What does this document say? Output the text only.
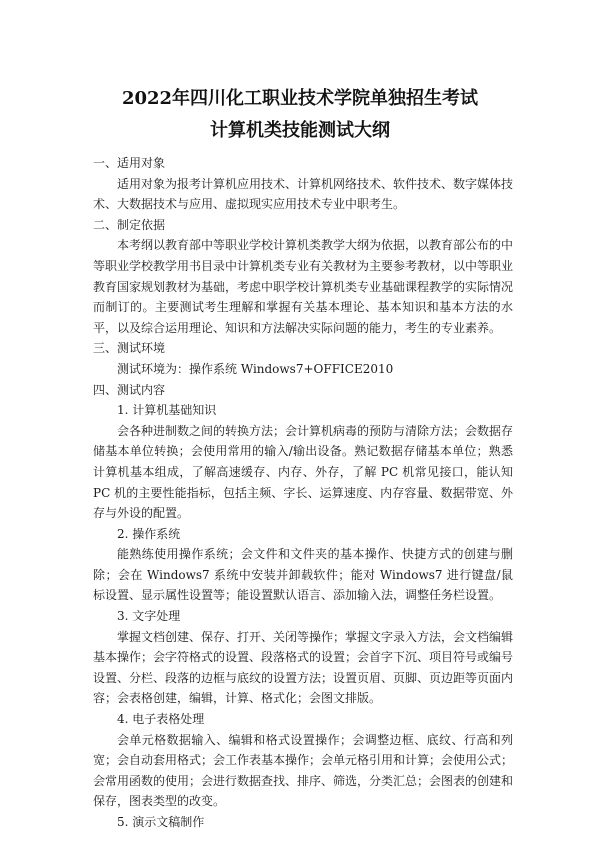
2022年四川化工职业技术学院单独招生考试
计算机类技能测试大纲

一、适用对象

适用对象为报考计算机应用技术、计算机网络技术、软件技术、数字媒体技术、大数据技术与应用、虚拟现实应用技术专业中职考生。

二、制定依据

本考纲以教育部中等职业学校计算机类教学大纲为依据，以教育部公布的中等职业学校教学用书目录中计算机类专业有关教材为主要参考教材，以中等职业教育国家规划教材为基础，考虑中职学校计算机类专业基础课程教学的实际情况而制订的。主要测试考生理解和掌握有关基本理论、基本知识和基本方法的水平，以及综合运用理论、知识和方法解决实际问题的能力，考生的专业素养。

三、测试环境

测试环境为：操作系统 Windows7+OFFICE2010

四、测试内容

1. 计算机基础知识

会各种进制数之间的转换方法；会计算机病毒的预防与清除方法；会数据存储基本单位转换；会使用常用的输入/输出设备。熟记数据存储基本单位；熟悉计算机基本组成，了解高速缓存、内存、外存，了解 PC 机常见接口，能认知 PC 机的主要性能指标，包括主频、字长、运算速度、内存容量、数据带宽、外存与外设的配置。

2. 操作系统

能熟练使用操作系统；会文件和文件夹的基本操作、快捷方式的创建与删除；会在 Windows7 系统中安装并卸载软件；能对 Windows7 进行键盘/鼠标设置、显示属性设置等；能设置默认语言、添加输入法，调整任务栏设置。

3. 文字处理

掌握文档创建、保存、打开、关闭等操作；掌握文字录入方法，会文档编辑基本操作；会字符格式的设置、段落格式的设置；会首字下沉、项目符号或编号设置、分栏、段落的边框与底纹的设置方法；设置页眉、页脚、页边距等页面内容；会表格创建，编辑，计算、格式化；会图文排版。

4. 电子表格处理

会单元格数据输入、编辑和格式设置操作；会调整边框、底纹、行高和列宽；会自动套用格式；会工作表基本操作；会单元格引用和计算；会使用公式；会常用函数的使用；会进行数据查找、排序、筛选，分类汇总；会图表的创建和保存，图表类型的改变。

5. 演示文稿制作
